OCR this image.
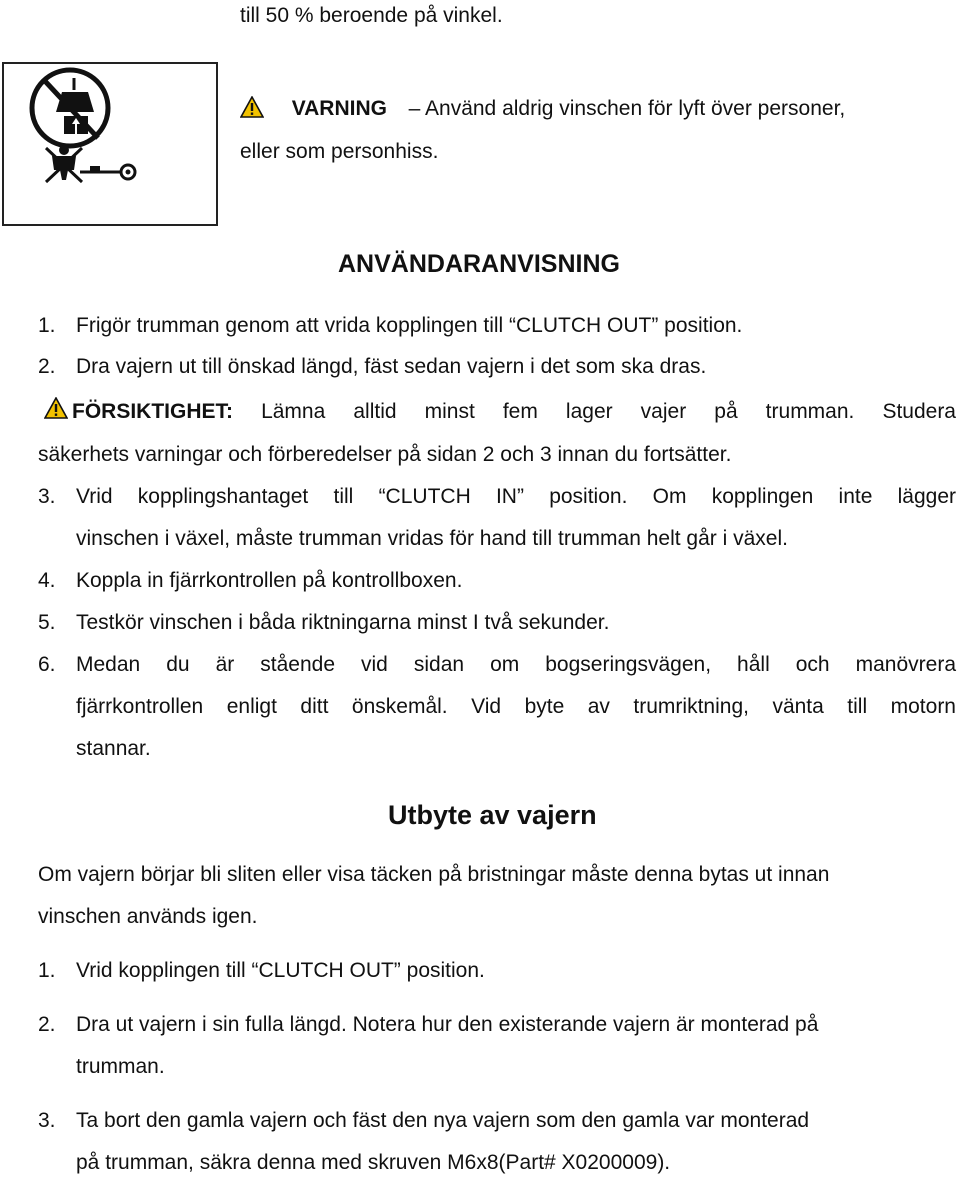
till 50 % beroende på vinkel.
VARNING – Använd aldrig vinschen för lyft över personer,
eller som personhiss.
ANVÄNDARANVISNING
1. Frigör trumman genom att vrida kopplingen till “CLUTCH OUT” position.
2. Dra vajern ut till önskad längd, fäst sedan vajern i det som ska dras.
FÖRSIKTIGHET: Lämna alltid minst fem lager vajer på trumman. Studera
säkerhets varningar och förberedelser på sidan 2 och 3 innan du fortsätter.
3. Vrid kopplingshantaget till “CLUTCH IN” position. Om kopplingen inte lägger
vinschen i växel, måste trumman vridas för hand till trumman helt går i växel.
4. Koppla in fjärrkontrollen på kontrollboxen.
5. Testkör vinschen i båda riktningarna minst I två sekunder.
6. Medan du är stående vid sidan om bogseringsvägen, håll och manövrera
fjärrkontrollen enligt ditt önskemål. Vid byte av trumriktning, vänta till motorn
stannar.
Utbyte av vajern
Om vajern börjar bli sliten eller visa täcken på bristningar måste denna bytas ut innan
vinschen används igen.
1. Vrid kopplingen till “CLUTCH OUT” position.
2. Dra ut vajern i sin fulla längd. Notera hur den existerande vajern är monterad på
trumman.
3. Ta bort den gamla vajern och fäst den nya vajern som den gamla var monterad
på trumman, säkra denna med skruven M6x8(Part# X0200009).
